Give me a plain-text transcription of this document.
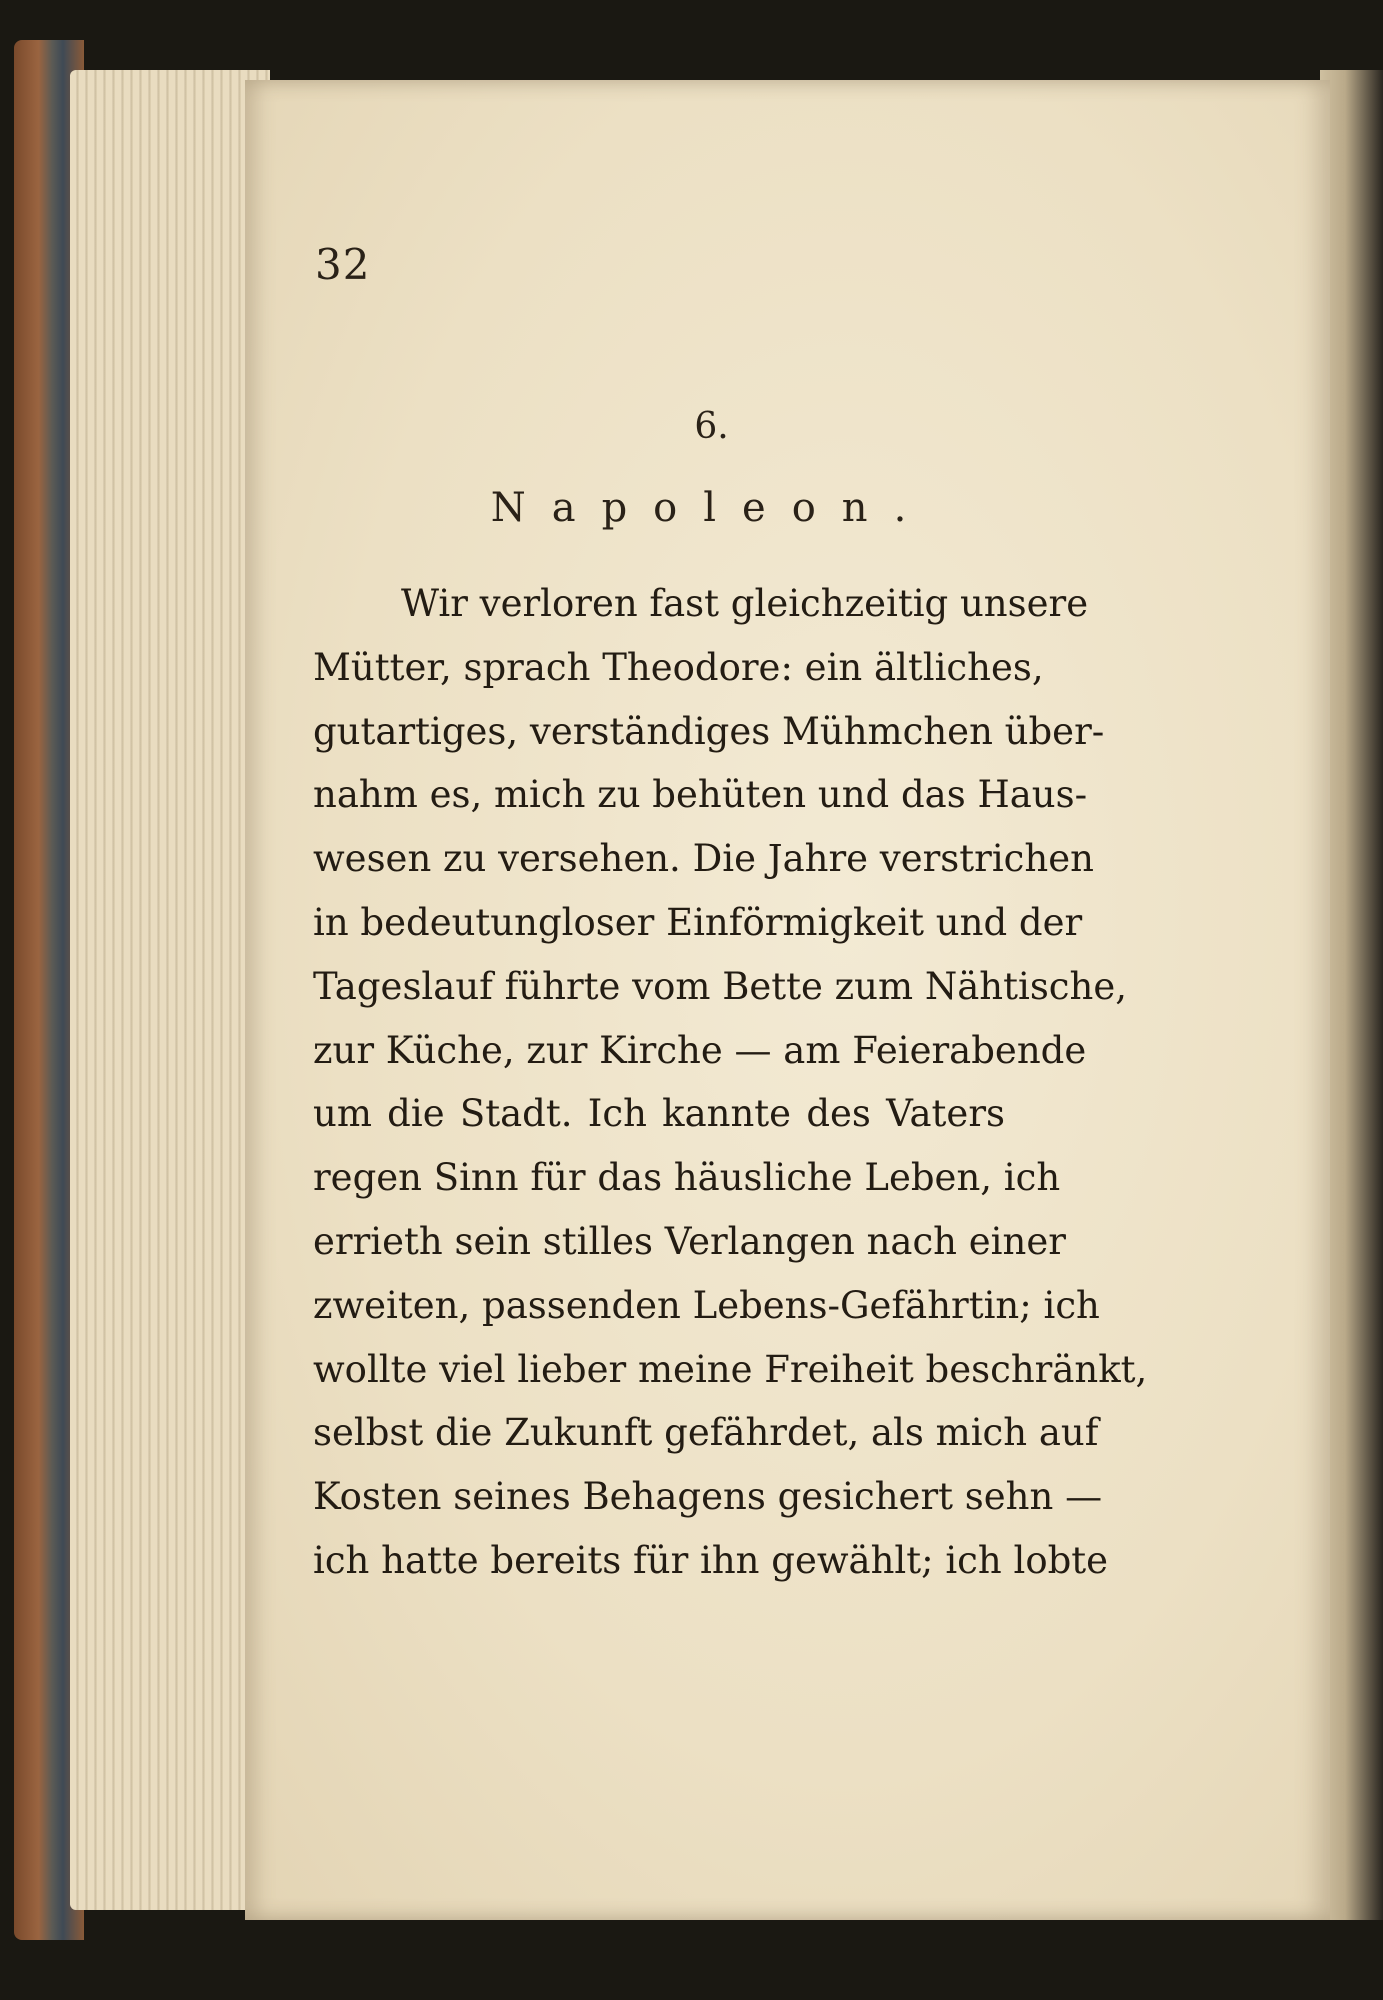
32
6.
Napoleon.
Wir verloren fast gleichzeitig unsere
Mütter, sprach Theodore: ein ältliches,
gutartiges, verständiges Mühmchen über-
nahm es, mich zu behüten und das Haus-
wesen zu versehen. Die Jahre verstrichen
in bedeutungloser Einförmigkeit und der
Tageslauf führte vom Bette zum Nähtische,
zur Küche, zur Kirche — am Feierabende
um die Stadt. Ich kannte des Vaters
regen Sinn für das häusliche Leben, ich
errieth sein stilles Verlangen nach einer
zweiten, passenden Lebens-Gefährtin; ich
wollte viel lieber meine Freiheit beschränkt,
selbst die Zukunft gefährdet, als mich auf
Kosten seines Behagens gesichert sehn —
ich hatte bereits für ihn gewählt; ich lobte
